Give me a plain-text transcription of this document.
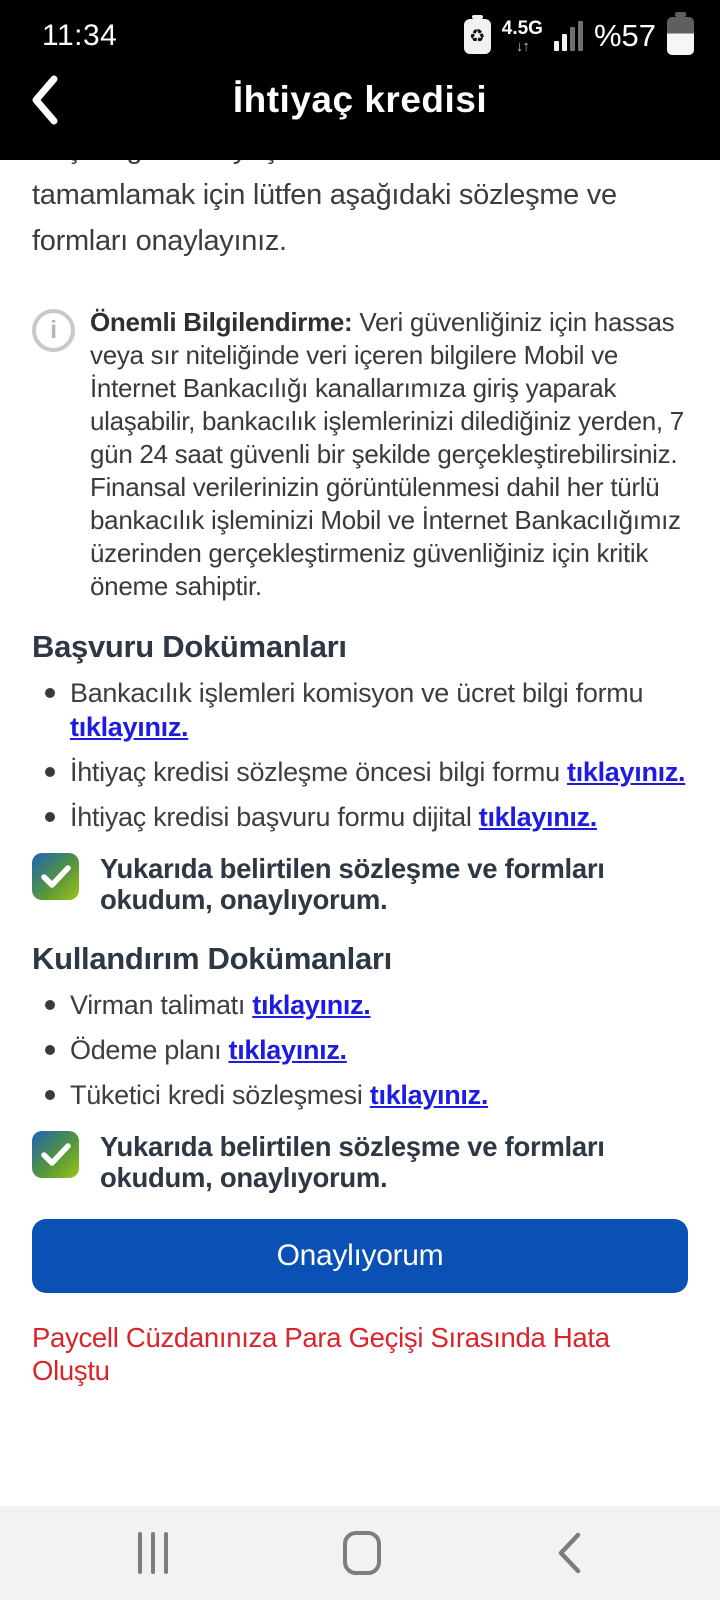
tamamlamak için lütfen aşağıdaki sözleşme ve formları onaylayınız.

i	Önemli Bilgilendirme: Veri güvenliğiniz için hassas veya sır niteliğinde veri içeren bilgilere Mobil ve İnternet Bankacılığı kanallarımıza giriş yaparak ulaşabilir, bankacılık işlemlerinizi dilediğiniz yerden, 7 gün 24 saat güvenli bir şekilde gerçekleştirebilirsiniz. Finansal verilerinizin görüntülenmesi dahil her türlü bankacılık işleminizi Mobil ve İnternet Bankacılığımız üzerinden gerçekleştirmeniz güvenliğiniz için kritik öneme sahiptir.

Başvuru Dokümanları
Bankacılık işlemleri komisyon ve ücret bilgi formu tıklayınız.
İhtiyaç kredisi sözleşme öncesi bilgi formu tıklayınız.
İhtiyaç kredisi başvuru formu dijital tıklayınız.
Yukarıda belirtilen sözleşme ve formları okudum, onaylıyorum.
Kullandırım Dokümanları
Virman talimatı tıklayınız.
Ödeme planı tıklayınız.
Tüketici kredi sözleşmesi tıklayınız.
Yukarıda belirtilen sözleşme ve formları okudum, onaylıyorum.
Onaylıyorum
Paycell Cüzdanınıza Para Geçişi Sırasında Hata Oluştu
11:34	♻ 4.5G
↓↑ %57
İhtiyaç kredisi
